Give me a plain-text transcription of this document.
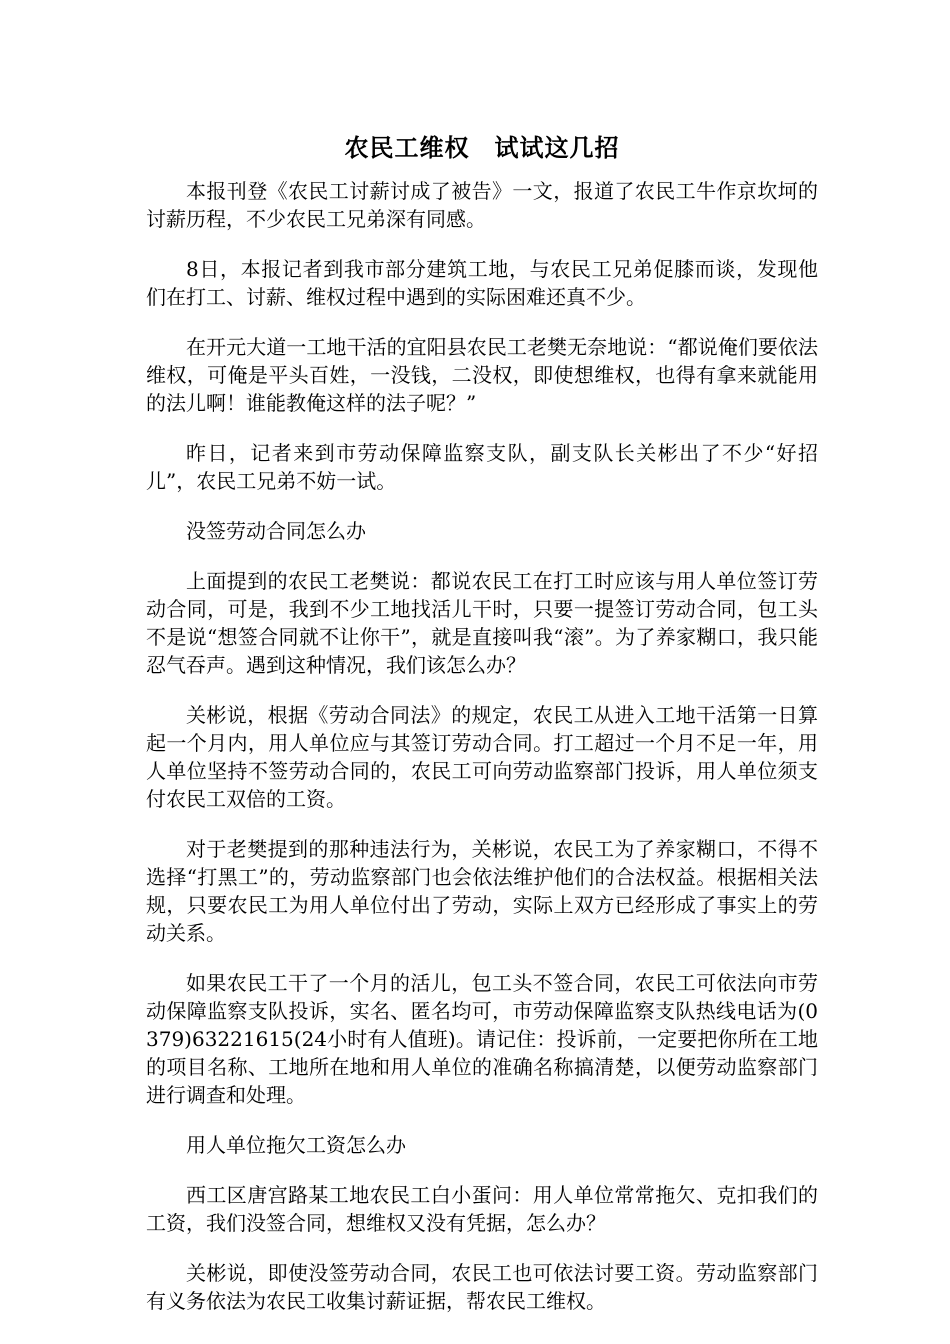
农民工维权　试试这几招

本报刊登《农民工讨薪讨成了被告》一文，报道了农民工牛作京坎坷的讨薪历程，不少农民工兄弟深有同感。

8日，本报记者到我市部分建筑工地，与农民工兄弟促膝而谈，发现他们在打工、讨薪、维权过程中遇到的实际困难还真不少。

在开元大道一工地干活的宜阳县农民工老樊无奈地说：“都说俺们要依法维权，可俺是平头百姓，一没钱，二没权，即使想维权，也得有拿来就能用的法儿啊！谁能教俺这样的法子呢？”

昨日，记者来到市劳动保障监察支队，副支队长关彬出了不少“好招儿”，农民工兄弟不妨一试。

没签劳动合同怎么办

上面提到的农民工老樊说：都说农民工在打工时应该与用人单位签订劳动合同，可是，我到不少工地找活儿干时，只要一提签订劳动合同，包工头不是说“想签合同就不让你干”，就是直接叫我“滚”。为了养家糊口，我只能忍气吞声。遇到这种情况，我们该怎么办？

关彬说，根据《劳动合同法》的规定，农民工从进入工地干活第一日算起一个月内，用人单位应与其签订劳动合同。打工超过一个月不足一年，用人单位坚持不签劳动合同的，农民工可向劳动监察部门投诉，用人单位须支付农民工双倍的工资。

对于老樊提到的那种违法行为，关彬说，农民工为了养家糊口，不得不选择“打黑工”的，劳动监察部门也会依法维护他们的合法权益。根据相关法规，只要农民工为用人单位付出了劳动，实际上双方已经形成了事实上的劳动关系。

如果农民工干了一个月的活儿，包工头不签合同，农民工可依法向市劳动保障监察支队投诉，实名、匿名均可，市劳动保障监察支队热线电话为(0379)63221615(24小时有人值班)。请记住：投诉前，一定要把你所在工地的项目名称、工地所在地和用人单位的准确名称搞清楚，以便劳动监察部门进行调查和处理。

用人单位拖欠工资怎么办

西工区唐宫路某工地农民工白小蛋问：用人单位常常拖欠、克扣我们的工资，我们没签合同，想维权又没有凭据，怎么办？

关彬说，即使没签劳动合同，农民工也可依法讨要工资。劳动监察部门有义务依法为农民工收集讨薪证据，帮农民工维权。
